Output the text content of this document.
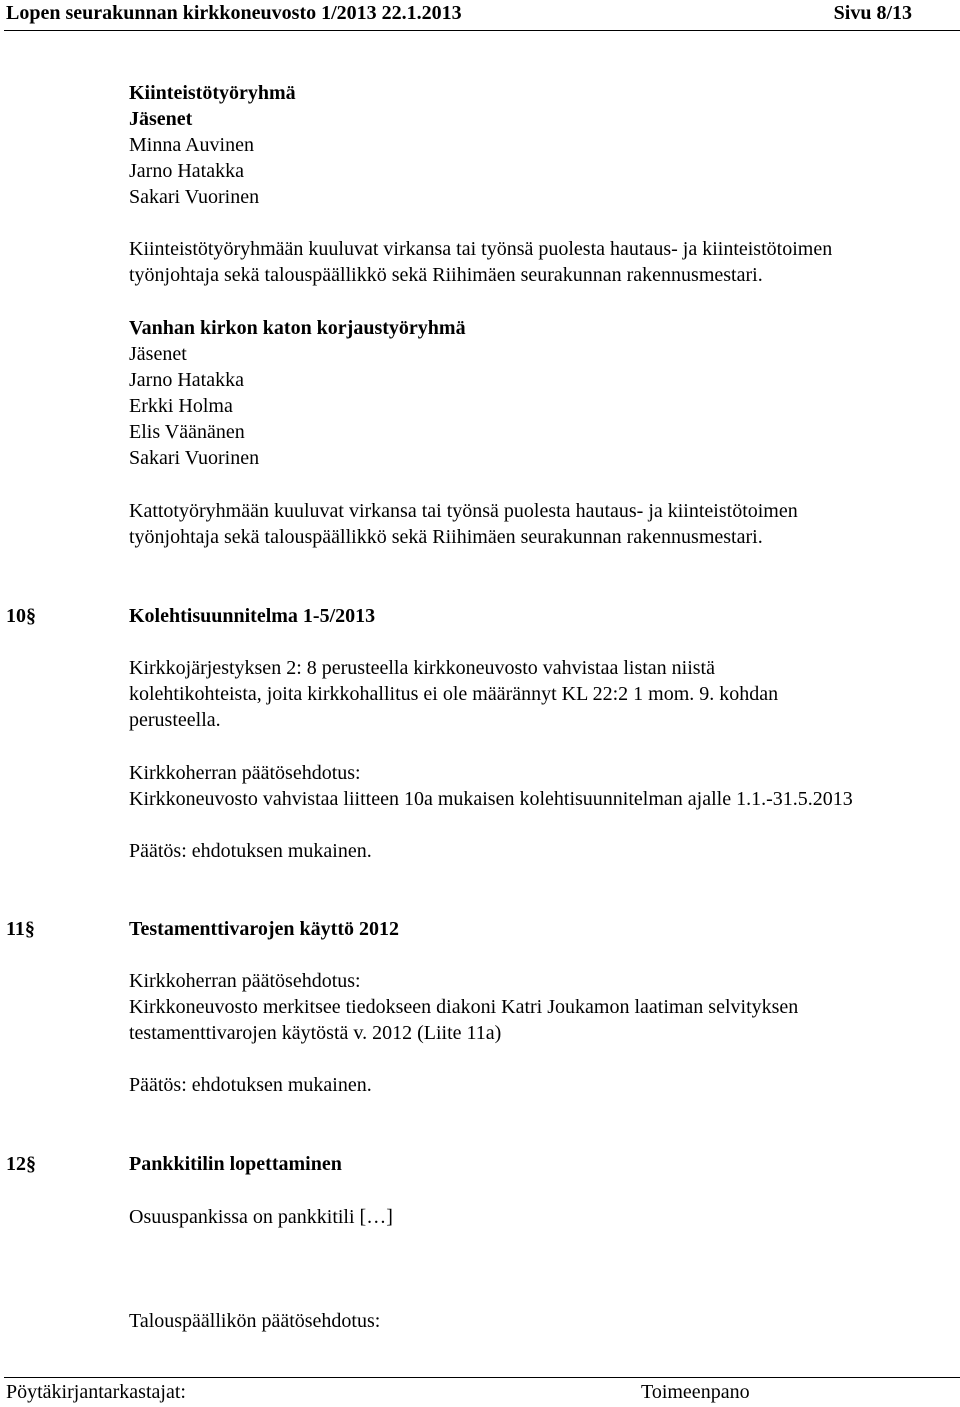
Lopen seurakunnan kirkkoneuvosto 1/2013 22.1.2013	Sivu 8/13
Kiinteistötyöryhmä
Jäsenet
Minna Auvinen
Jarno Hatakka
Sakari Vuorinen
Kiinteistötyöryhmään kuuluvat virkansa tai työnsä puolesta hautaus- ja kiinteistötoimen
työnjohtaja sekä talouspäällikkö sekä Riihimäen seurakunnan rakennusmestari.
Vanhan kirkon katon korjaustyöryhmä
Jäsenet
Jarno Hatakka
Erkki Holma
Elis Väänänen
Sakari Vuorinen
Kattotyöryhmään kuuluvat virkansa tai työnsä puolesta hautaus- ja kiinteistötoimen
työnjohtaja sekä talouspäällikkö sekä Riihimäen seurakunnan rakennusmestari.
10§	Kolehtisuunnitelma 1-5/2013
Kirkkojärjestyksen 2: 8 perusteella kirkkoneuvosto vahvistaa listan niistä
kolehtikohteista, joita kirkkohallitus ei ole määrännyt KL 22:2 1 mom. 9. kohdan
perusteella.
Kirkkoherran päätösehdotus:
Kirkkoneuvosto vahvistaa liitteen 10a mukaisen kolehtisuunnitelman ajalle 1.1.-31.5.2013
Päätös: ehdotuksen mukainen.
11§	Testamenttivarojen käyttö 2012
Kirkkoherran päätösehdotus:
Kirkkoneuvosto merkitsee tiedokseen diakoni Katri Joukamon laatiman selvityksen
testamenttivarojen käytöstä v. 2012 (Liite 11a)
Päätös: ehdotuksen mukainen.
12§	Pankkitilin lopettaminen
Osuuspankissa on pankkitili […]
Talouspäällikön päätösehdotus:
Pöytäkirjantarkastajat:	Toimeenpano
